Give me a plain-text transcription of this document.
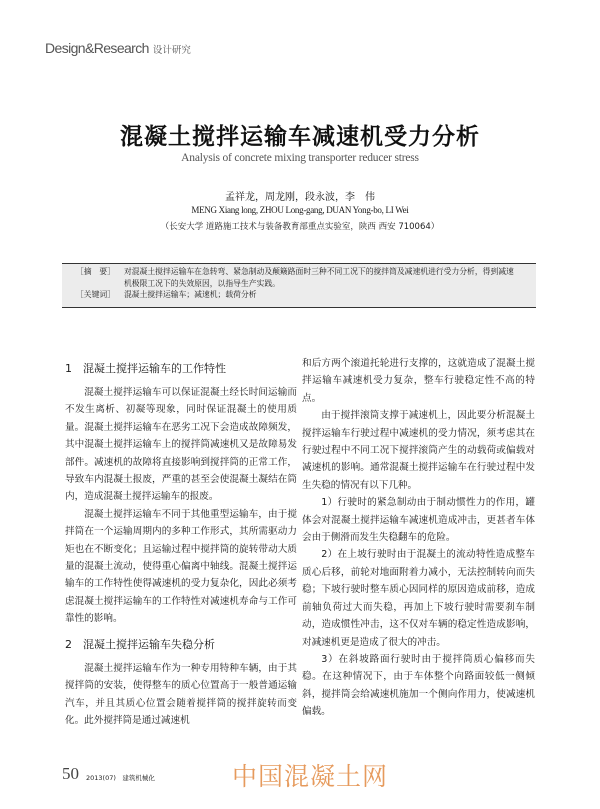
Design&Research 设计研究
混凝土搅拌运输车减速机受力分析
Analysis of concrete mixing transporter reducer stress
孟祥龙，周龙刚，段永波，李　伟
MENG Xiang long, ZHOU Long-gang, DUAN Yong-bo, LI Wei
（长安大学 道路施工技术与装备教育部重点实验室，陕西 西安 710064）
［摘　要］	对混凝土搅拌运输车在急转弯、紧急制动及颠簸路面时三种不同工况下的搅拌筒及减速机进行受力分析，得到减速机极限工况下的失效原因，以指导生产实践。
［关键词］	混凝土搅拌运输车；减速机；载荷分析
1 混凝土搅拌运输车的工作特性

混凝土搅拌运输车可以保证混凝土经长时间运输而不发生离析、初凝等现象，同时保证混凝土的使用质量。混凝土搅拌运输车在恶劣工况下会造成故障频发，其中混凝土搅拌运输车上的搅拌筒减速机又是故障易发部件。减速机的故障将直接影响到搅拌筒的正常工作，导致车内混凝土报废，严重的甚至会使混凝土凝结在筒内，造成混凝土搅拌运输车的报废。

混凝土搅拌运输车不同于其他重型运输车，由于搅拌筒在一个运输周期内的多种工作形式，其所需驱动力矩也在不断变化；且运输过程中搅拌筒的旋转带动大质量的混凝土流动，使得重心偏离中轴线。混凝土搅拌运输车的工作特性使得减速机的受力复杂化，因此必须考虑混凝土搅拌运输车的工作特性对减速机寿命与工作可靠性的影响。

2 混凝土搅拌运输车失稳分析

混凝土搅拌运输车作为一种专用特种车辆，由于其搅拌筒的安装，使得整车的质心位置高于一般普通运输汽车，并且其质心位置会随着搅拌筒的搅拌旋转而变化。此外搅拌筒是通过减速机

和后方两个滚道托轮进行支撑的，这就造成了混凝土搅拌运输车减速机受力复杂，整车行驶稳定性不高的特点。

由于搅拌滚筒支撑于减速机上，因此要分析混凝土搅拌运输车行驶过程中减速机的受力情况，须考虑其在行驶过程中不同工况下搅拌滚筒产生的动载荷或偏载对减速机的影响。通常混凝土搅拌运输车在行驶过程中发生失稳的情况有以下几种。

1）行驶时的紧急制动由于制动惯性力的作用，罐体会对混凝土搅拌运输车减速机造成冲击，更甚者车体会由于侧滑而发生失稳翻车的危险。

2）在上坡行驶时由于混凝土的流动特性造成整车质心后移，前轮对地面附着力减小，无法控制转向而失稳；下坡行驶时整车质心因同样的原因造成前移，造成前轴负荷过大而失稳，再加上下坡行驶时需要刹车制动，造成惯性冲击，这不仅对车辆的稳定性造成影响，对减速机更是造成了很大的冲击。

3）在斜坡路面行驶时由于搅拌筒质心偏移而失稳。在这种情况下，由于车体整个向路面较低一侧倾斜，搅拌筒会给减速机施加一个侧向作用力，使减速机偏载。

50 2013(07)　建筑机械化	中国混凝土网
